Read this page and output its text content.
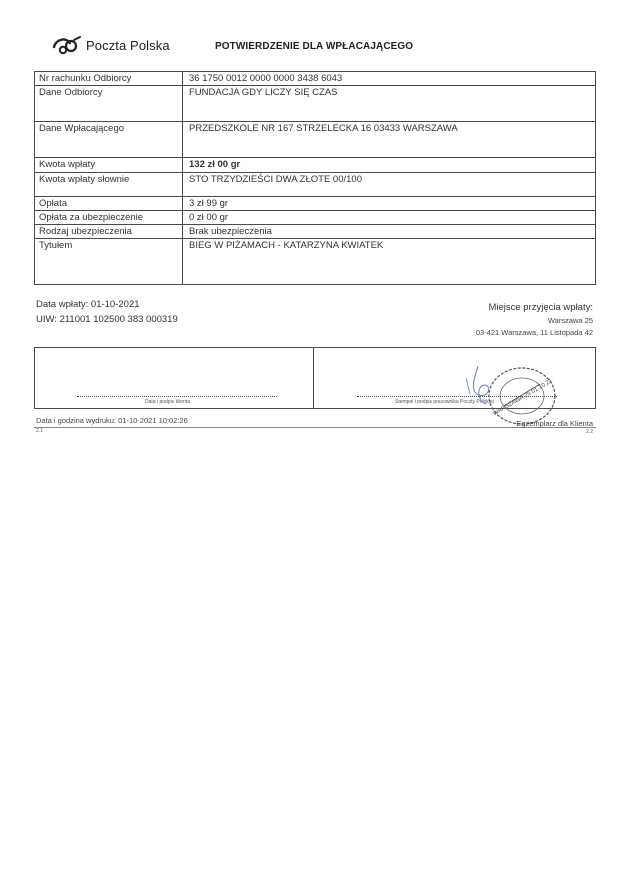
Poczta Polska	POTWIERDZENIE DLA WPŁACAJĄCEGO
Nr rachunku Odbiorcy	36 1750 0012 0000 0000 3438 6043
Dane Odbiorcy	FUNDACJA GDY LICZY SIĘ CZAS
Dane Wpłacającego	PRZEDSZKOLE NR 167 STRZELECKA 16 03433 WARSZAWA
Kwota wpłaty	132 zł 00 gr
Kwota wpłaty słownie	STO TRZYDZIEŚCI DWA ZŁOTE 00/100
Opłata	3 zł 99 gr
Opłata za ubezpieczenie	0 zł 00 gr
Rodzaj ubezpieczenia	Brak ubezpieczenia
Tytułem	BIEG W PIŻAMACH - KATARZYNA KWIATEK
Data wpłaty: 01-10-2021
UIW: 211001 102500 383 000319
Miejsce przyjęcia wpłaty:
Warszawa 25
03-421 Warszawa, 11 Listopada 42
Data i podpis klienta	Stempel i podpis pracownika Poczty Polskiej
WARSZAWA 25 01.10.21
Data i godzina wydruku: 01-10-2021 10:02:26	Egzemplarz dla Klienta
2.1	2.2
